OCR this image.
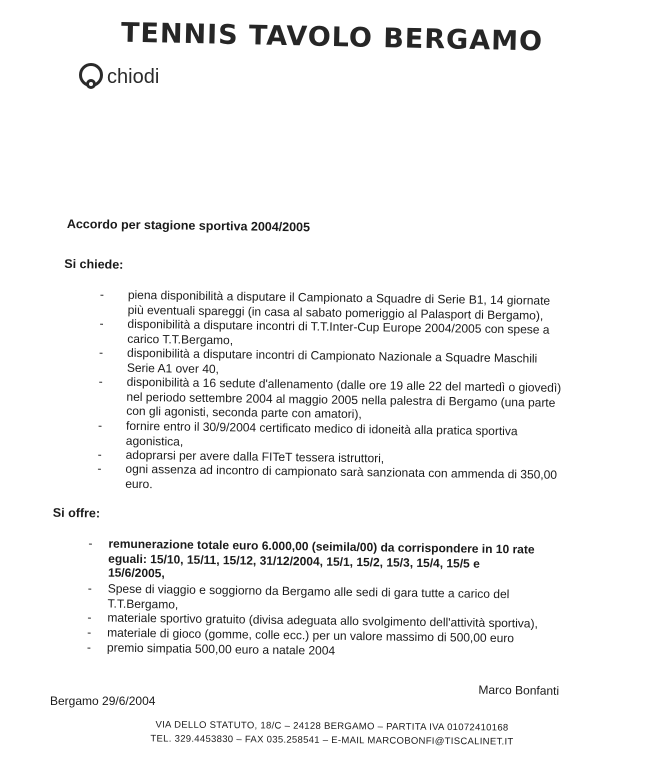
TENNIS TAVOLO BERGAMO
chiodi
Accordo per stagione sportiva 2004/2005
Si chiede:
- piena disponibilità a disputare il Campionato a Squadre di Serie B1, 14 giornate
più eventuali spareggi (in casa al sabato pomeriggio al Palasport di Bergamo),
- disponibilità a disputare incontri di T.T.Inter-Cup Europe 2004/2005 con spese a
carico T.T.Bergamo,
- disponibilità a disputare incontri di Campionato Nazionale a Squadre Maschili
Serie A1 over 40,
- disponibilità a 16 sedute d'allenamento (dalle ore 19 alle 22 del martedì o giovedì)
nel periodo settembre 2004 al maggio 2005 nella palestra di Bergamo (una parte
con gli agonisti, seconda parte con amatori),
- fornire entro il 30/9/2004 certificato medico di idoneità alla pratica sportiva
agonistica,
- adoprarsi per avere dalla FITeT tessera istruttori,
- ogni assenza ad incontro di campionato sarà sanzionata con ammenda di 350,00
euro.
Si offre:
- remunerazione totale euro 6.000,00 (seimila/00) da corrispondere in 10 rate
eguali: 15/10, 15/11, 15/12, 31/12/2004, 15/1, 15/2, 15/3, 15/4, 15/5 e
15/6/2005,
- Spese di viaggio e soggiorno da Bergamo alle sedi di gara tutte a carico del
T.T.Bergamo,
- materiale sportivo gratuito (divisa adeguata allo svolgimento dell'attività sportiva),
- materiale di gioco (gomme, colle ecc.) per un valore massimo di 500,00 euro
- premio simpatia 500,00 euro a natale 2004
Marco Bonfanti
Bergamo 29/6/2004
VIA DELLO STATUTO, 18/C – 24128 BERGAMO – PARTITA IVA 01072410168
TEL. 329.4453830 – FAX 035.258541 – E-MAIL MARCOBONFI@TISCALINET.IT
